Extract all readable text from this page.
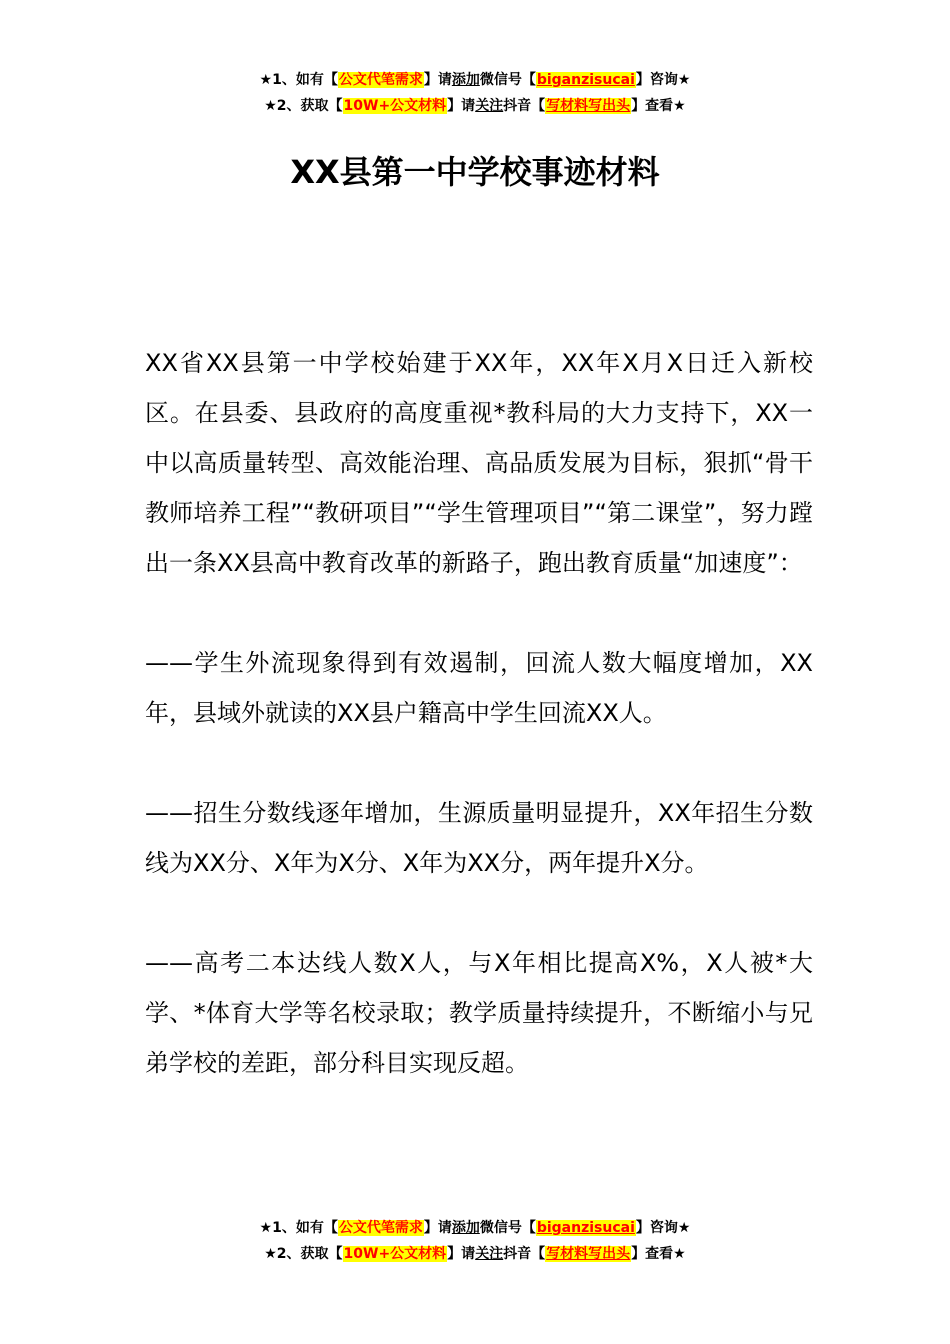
★1、如有【公文代笔需求】请添加微信号【biganzisucai】咨询★
★2、获取【10W+公文材料】请关注抖音【写材料写出头】查看★
XX县第一中学校事迹材料

XX省XX县第一中学校始建于XX年，XX年X月X日迁入新校区。在县委、县政府的高度重视*教科局的大力支持下，XX一中以高质量转型、高效能治理、高品质发展为目标，狠抓“骨干教师培养工程”“教研项目”“学生管理项目”“第二课堂”，努力蹚出一条XX县高中教育改革的新路子，跑出教育质量“加速度”：

——学生外流现象得到有效遏制，回流人数大幅度增加，XX年，县域外就读的XX县户籍高中学生回流XX人。

——招生分数线逐年增加，生源质量明显提升，XX年招生分数线为XX分、X年为X分、X年为XX分，两年提升X分。

——高考二本达线人数X人，与X年相比提高X%，X人被*大学、*体育大学等名校录取；教学质量持续提升，不断缩小与兄弟学校的差距，部分科目实现反超。

★1、如有【公文代笔需求】请添加微信号【biganzisucai】咨询★
★2、获取【10W+公文材料】请关注抖音【写材料写出头】查看★
